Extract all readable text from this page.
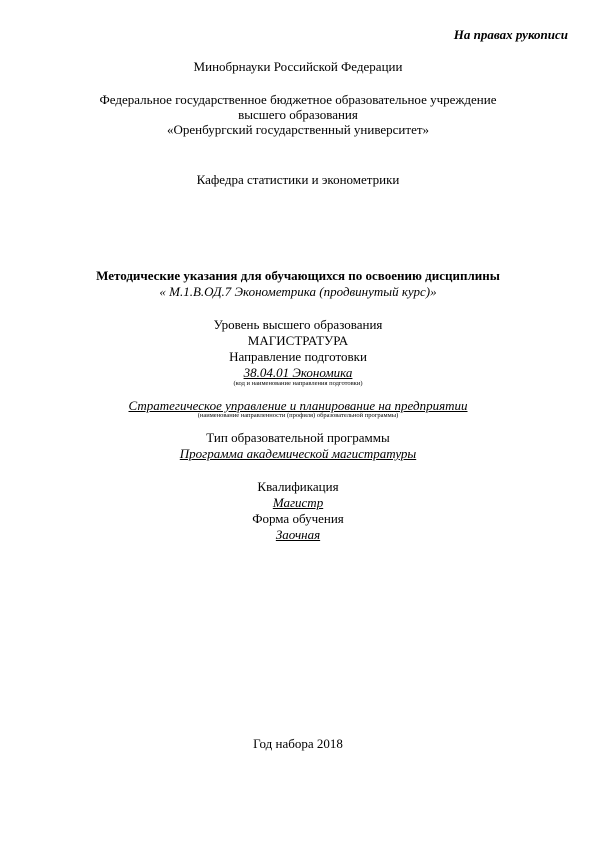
На правах рукописи
Минобрнауки Российской Федерации
Федеральное государственное бюджетное образовательное учреждение
высшего образования
«Оренбургский государственный университет»
Кафедра статистики и эконометрики
Методические указания для обучающихся по освоению дисциплины
« М.1.В.ОД.7 Эконометрика (продвинутый курс)»
Уровень высшего образования
МАГИСТРАТУРА
Направление подготовки
38.04.01 Экономика
(код и наименование направления подготовки)
Стратегическое управление и планирование на предприятии
(наименование направленности (профиля) образовательной программы)
Тип образовательной программы
Программа академической магистратуры
Квалификация
Магистр
Форма обучения
Заочная
Год набора 2018
